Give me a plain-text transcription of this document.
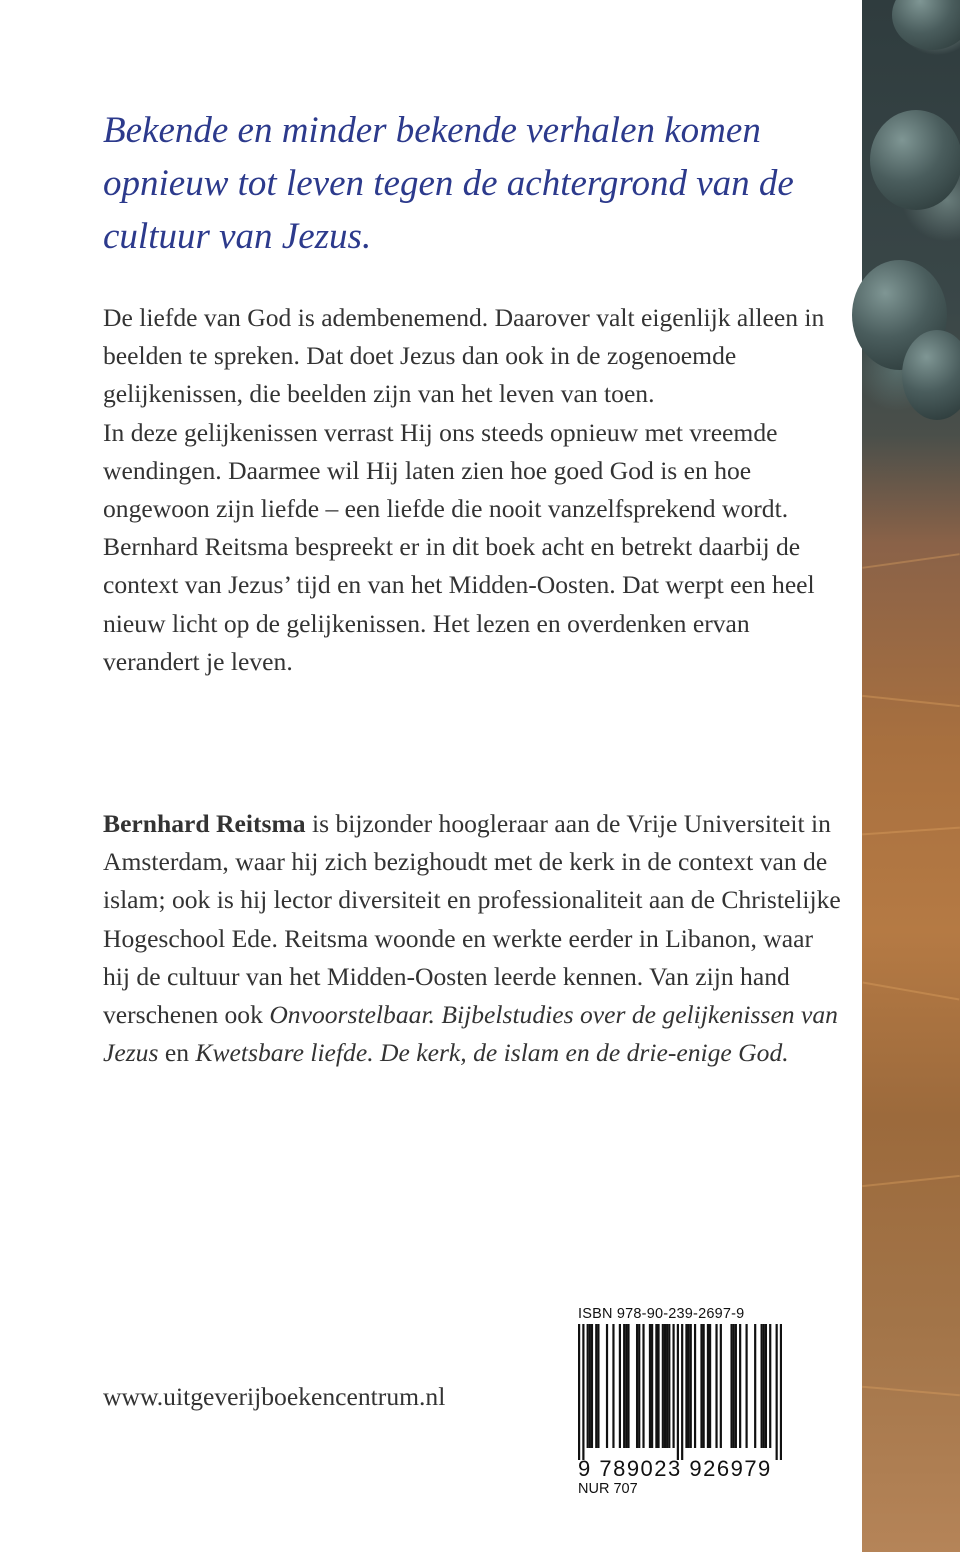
Bekende en minder bekende verhalen komen opnieuw tot leven tegen de achtergrond van de cultuur van Jezus.

De liefde van God is adembenemend. Daarover valt eigenlijk alleen in beelden te spreken. Dat doet Jezus dan ook in de zogenoemde gelijkenissen, die beelden zijn van het leven van toen.

In deze gelijkenissen verrast Hij ons steeds opnieuw met vreemde wendingen. Daarmee wil Hij laten zien hoe goed God is en hoe ongewoon zijn liefde – een liefde die nooit vanzelfsprekend wordt.

Bernhard Reitsma bespreekt er in dit boek acht en betrekt daarbij de context van Jezus’ tijd en van het Midden-Oosten. Dat werpt een heel nieuw licht op de gelijkenissen. Het lezen en overdenken ervan verandert je leven.

Bernhard Reitsma is bijzonder hoogleraar aan de Vrije Universiteit in Amsterdam, waar hij zich bezighoudt met de kerk in de context van de islam; ook is hij lector diversiteit en professionaliteit aan de Christelijke Hogeschool Ede. Reitsma woonde en werkte eerder in Libanon, waar hij de cultuur van het Midden-Oosten leerde kennen. Van zijn hand verschenen ook Onvoorstelbaar. Bijbelstudies over de gelijkenissen van Jezus en Kwetsbare liefde. De kerk, de islam en de drie-enige God.

www.uitgeverijboekencentrum.nl
ISBN 978-90-239-2697-9
9 789023 926979
NUR 707
